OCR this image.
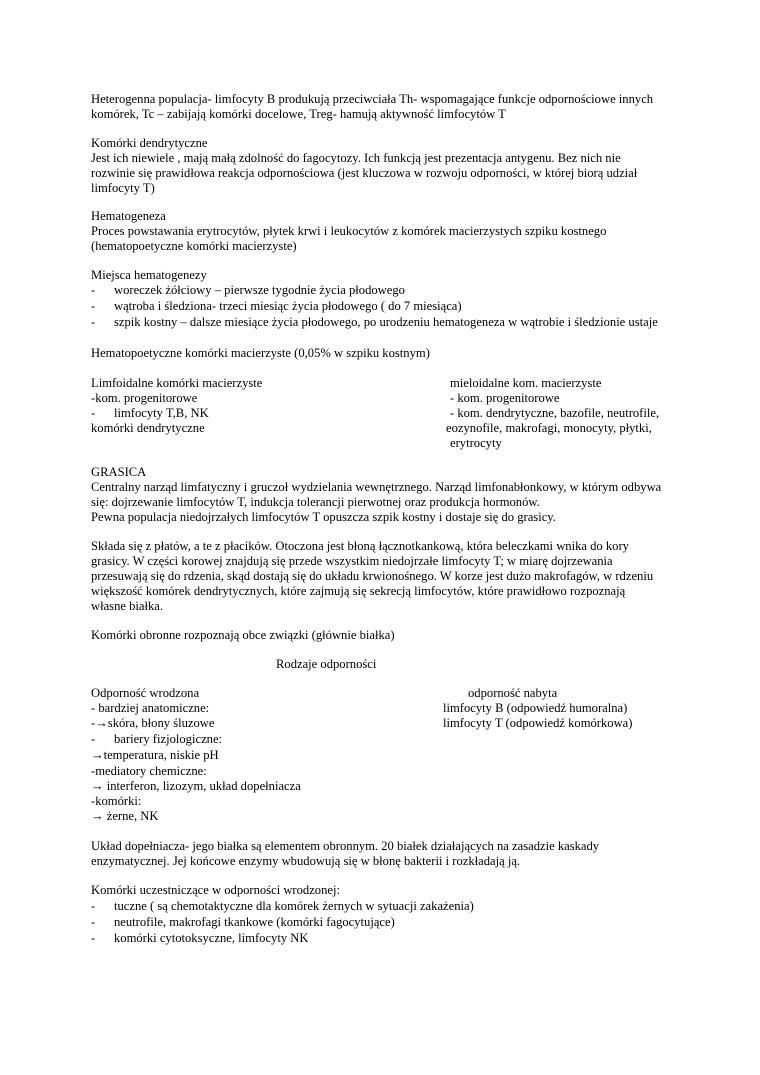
Heterogenna populacja- limfocyty B produkują przeciwciała Th- wspomagające funkcje odpornościowe innych
komórek, Tc – zabijają komórki docelowe, Treg- hamują aktywność limfocytów T
Komórki dendrytyczne
Jest ich niewiele , mają małą zdolność do fagocytozy. Ich funkcją jest prezentacja antygenu. Bez nich nie
rozwinie się prawidłowa reakcja odpornościowa (jest kluczowa w rozwoju odporności, w której biorą udział
limfocyty T)
Hematogeneza
Proces powstawania erytrocytów, płytek krwi i leukocytów z komórek macierzystych szpiku kostnego
(hematopoetyczne komórki macierzyste)
Miejsca hematogenezy
- woreczek żółciowy – pierwsze tygodnie życia płodowego
- wątroba i śledziona- trzeci miesiąc życia płodowego ( do 7 miesiąca)
- szpik kostny – dalsze miesiące życia płodowego, po urodzeniu hematogeneza w wątrobie i śledzionie ustaje
Hematopoetyczne komórki macierzyste (0,05% w szpiku kostnym)
Limfoidalne komórki macierzyste
-kom. progenitorowe
- limfocyty T,B, NK
komórki dendrytyczne
mieloidalne kom. macierzyste
- kom. progenitorowe
- kom. dendrytyczne, bazofile, neutrofile,
eozynofile, makrofagi, monocyty, płytki,
erytrocyty
GRASICA
Centralny narząd limfatyczny i gruczoł wydzielania wewnętrznego. Narząd limfonabłonkowy, w którym odbywa
się: dojrzewanie limfocytów T, indukcja tolerancji pierwotnej oraz produkcja hormonów.
Pewna populacja niedojrzałych limfocytów T opuszcza szpik kostny i dostaje się do grasicy.
Składa się z płatów, a te z płacików. Otoczona jest błoną łącznotkankową, która beleczkami wnika do kory
grasicy. W części korowej znajdują się przede wszystkim niedojrzałe limfocyty T; w miarę dojrzewania
przesuwają się do rdzenia, skąd dostają się do układu krwionośnego. W korze jest dużo makrofagów, w rdzeniu
większość komórek dendrytycznych, które zajmują się sekrecją limfocytów, które prawidłowo rozpoznają
własne białka.
Komórki obronne rozpoznają obce związki (głównie białka)
Rodzaje odporności
Odporność wrodzona
- bardziej anatomiczne:
-→skóra, błony śluzowe
- bariery fizjologiczne:
→temperatura, niskie pH
-mediatory chemiczne:
→ interferon, lizozym, układ dopełniacza
-komórki:
→ żerne, NK
odporność nabyta
limfocyty B (odpowiedź humoralna)
limfocyty T (odpowiedź komórkowa)
Układ dopełniacza- jego białka są elementem obronnym. 20 białek działających na zasadzie kaskady
enzymatycznej. Jej końcowe enzymy wbudowują się w błonę bakterii i rozkładają ją.
Komórki uczestniczące w odporności wrodzonej:
- tuczne ( są chemotaktyczne dla komórek żernych w sytuacji zakażenia)
- neutrofile, makrofagi tkankowe (komórki fagocytujące)
- komórki cytotoksyczne, limfocyty NK
